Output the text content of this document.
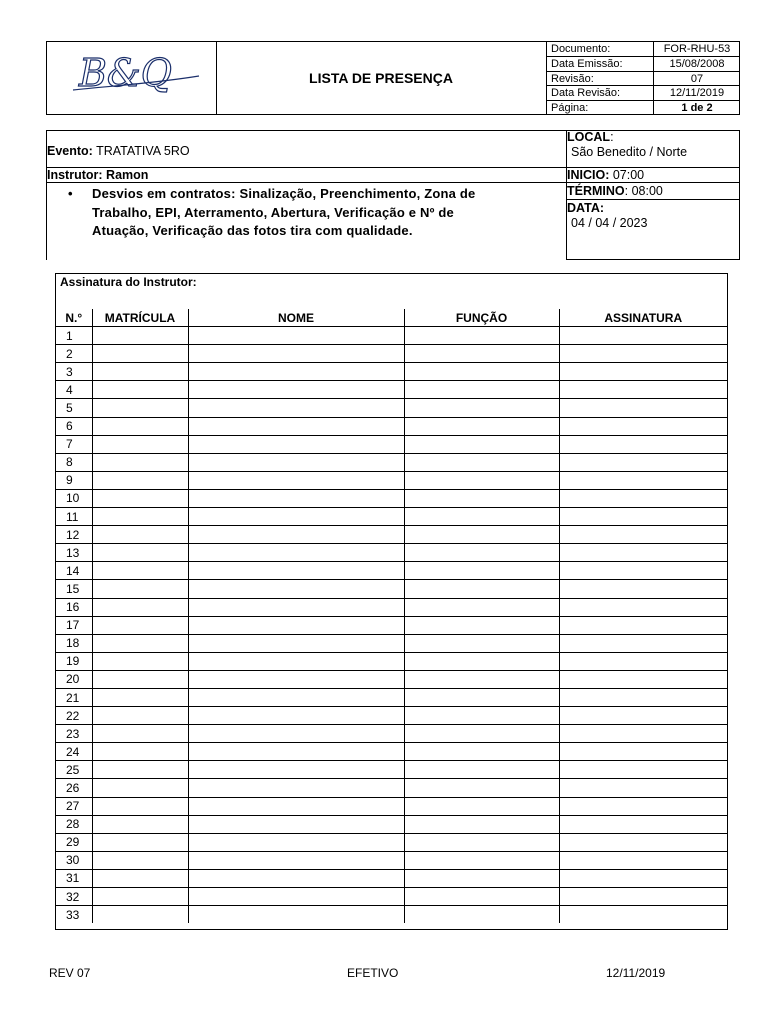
B&Q	LISTA DE PRESENÇA
Documento:	FOR-RHU-53
Data Emissão:	15/08/2008
Revisão:	07
Data Revisão:	12/11/2019
Página:	1 de 2
Evento: TRATATIVA 5RO
Instrutor: Ramon
• Desvios em contratos: Sinalização, Preenchimento, Zona de
Trabalho, EPI, Aterramento, Abertura, Verificação e Nº de
Atuação, Verificação das fotos tira com qualidade.
LOCAL:
São Benedito / Norte
INICIO: 07:00
TÉRMINO: 08:00
DATA:
04 / 04 / 2023
Assinatura do Instrutor:
N.°	MATRÍCULA	NOME	FUNÇÃO	ASSINATURA
1				
2				
3				
4				
5				
6				
7				
8				
9				
10				
11				
12				
13				
14				
15				
16				
17				
18				
19				
20				
21				
22				
23				
24				
25				
26				
27				
28				
29				
30				
31				
32				
33				
REV 07	EFETIVO	12/11/2019
